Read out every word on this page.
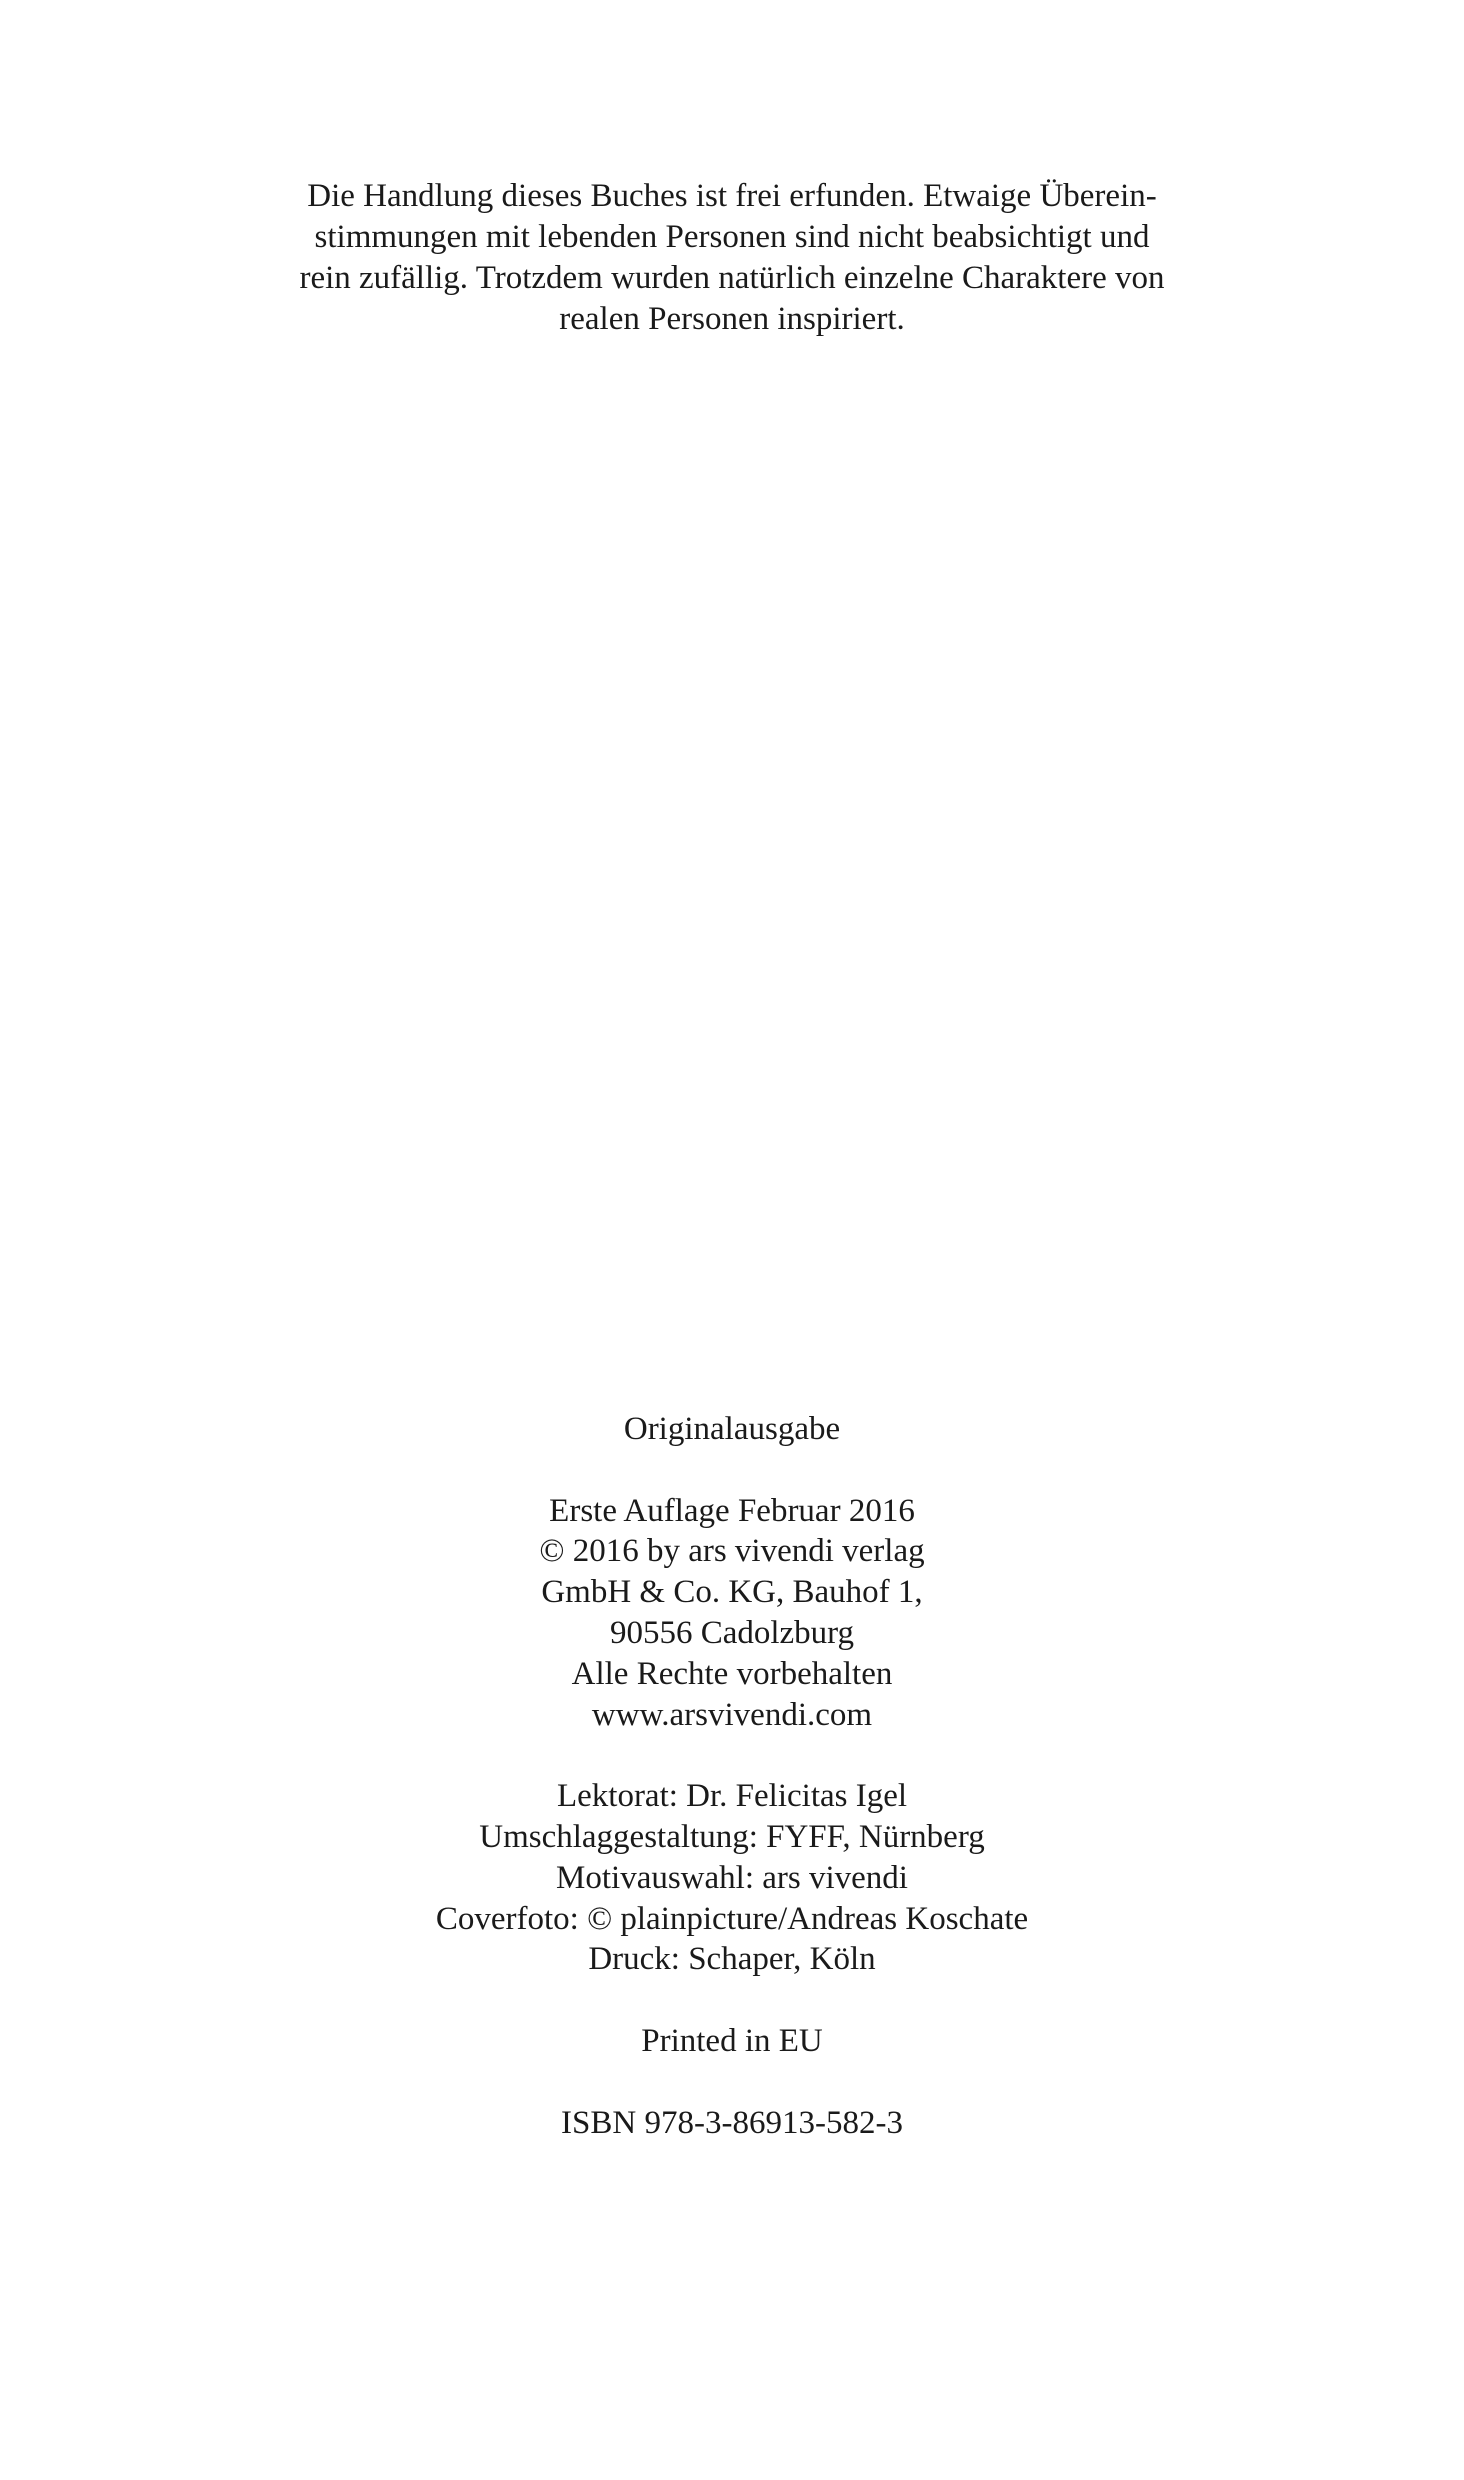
Die Handlung dieses Buches ist frei erfunden. Etwaige Überein-
stimmungen mit lebenden Personen sind nicht beabsichtigt und
rein zufällig. Trotzdem wurden natürlich einzelne Charaktere von
realen Personen inspiriert.
Originalausgabe
Erste Auflage Februar 2016
© 2016 by ars vivendi verlag
GmbH & Co. KG, Bauhof 1,
90556 Cadolzburg
Alle Rechte vorbehalten
www.arsvivendi.com
Lektorat: Dr. Felicitas Igel
Umschlaggestaltung: FYFF, Nürnberg
Motivauswahl: ars vivendi
Coverfoto: © plainpicture/Andreas Koschate
Druck: Schaper, Köln
Printed in EU
ISBN 978-3-86913-582-3
